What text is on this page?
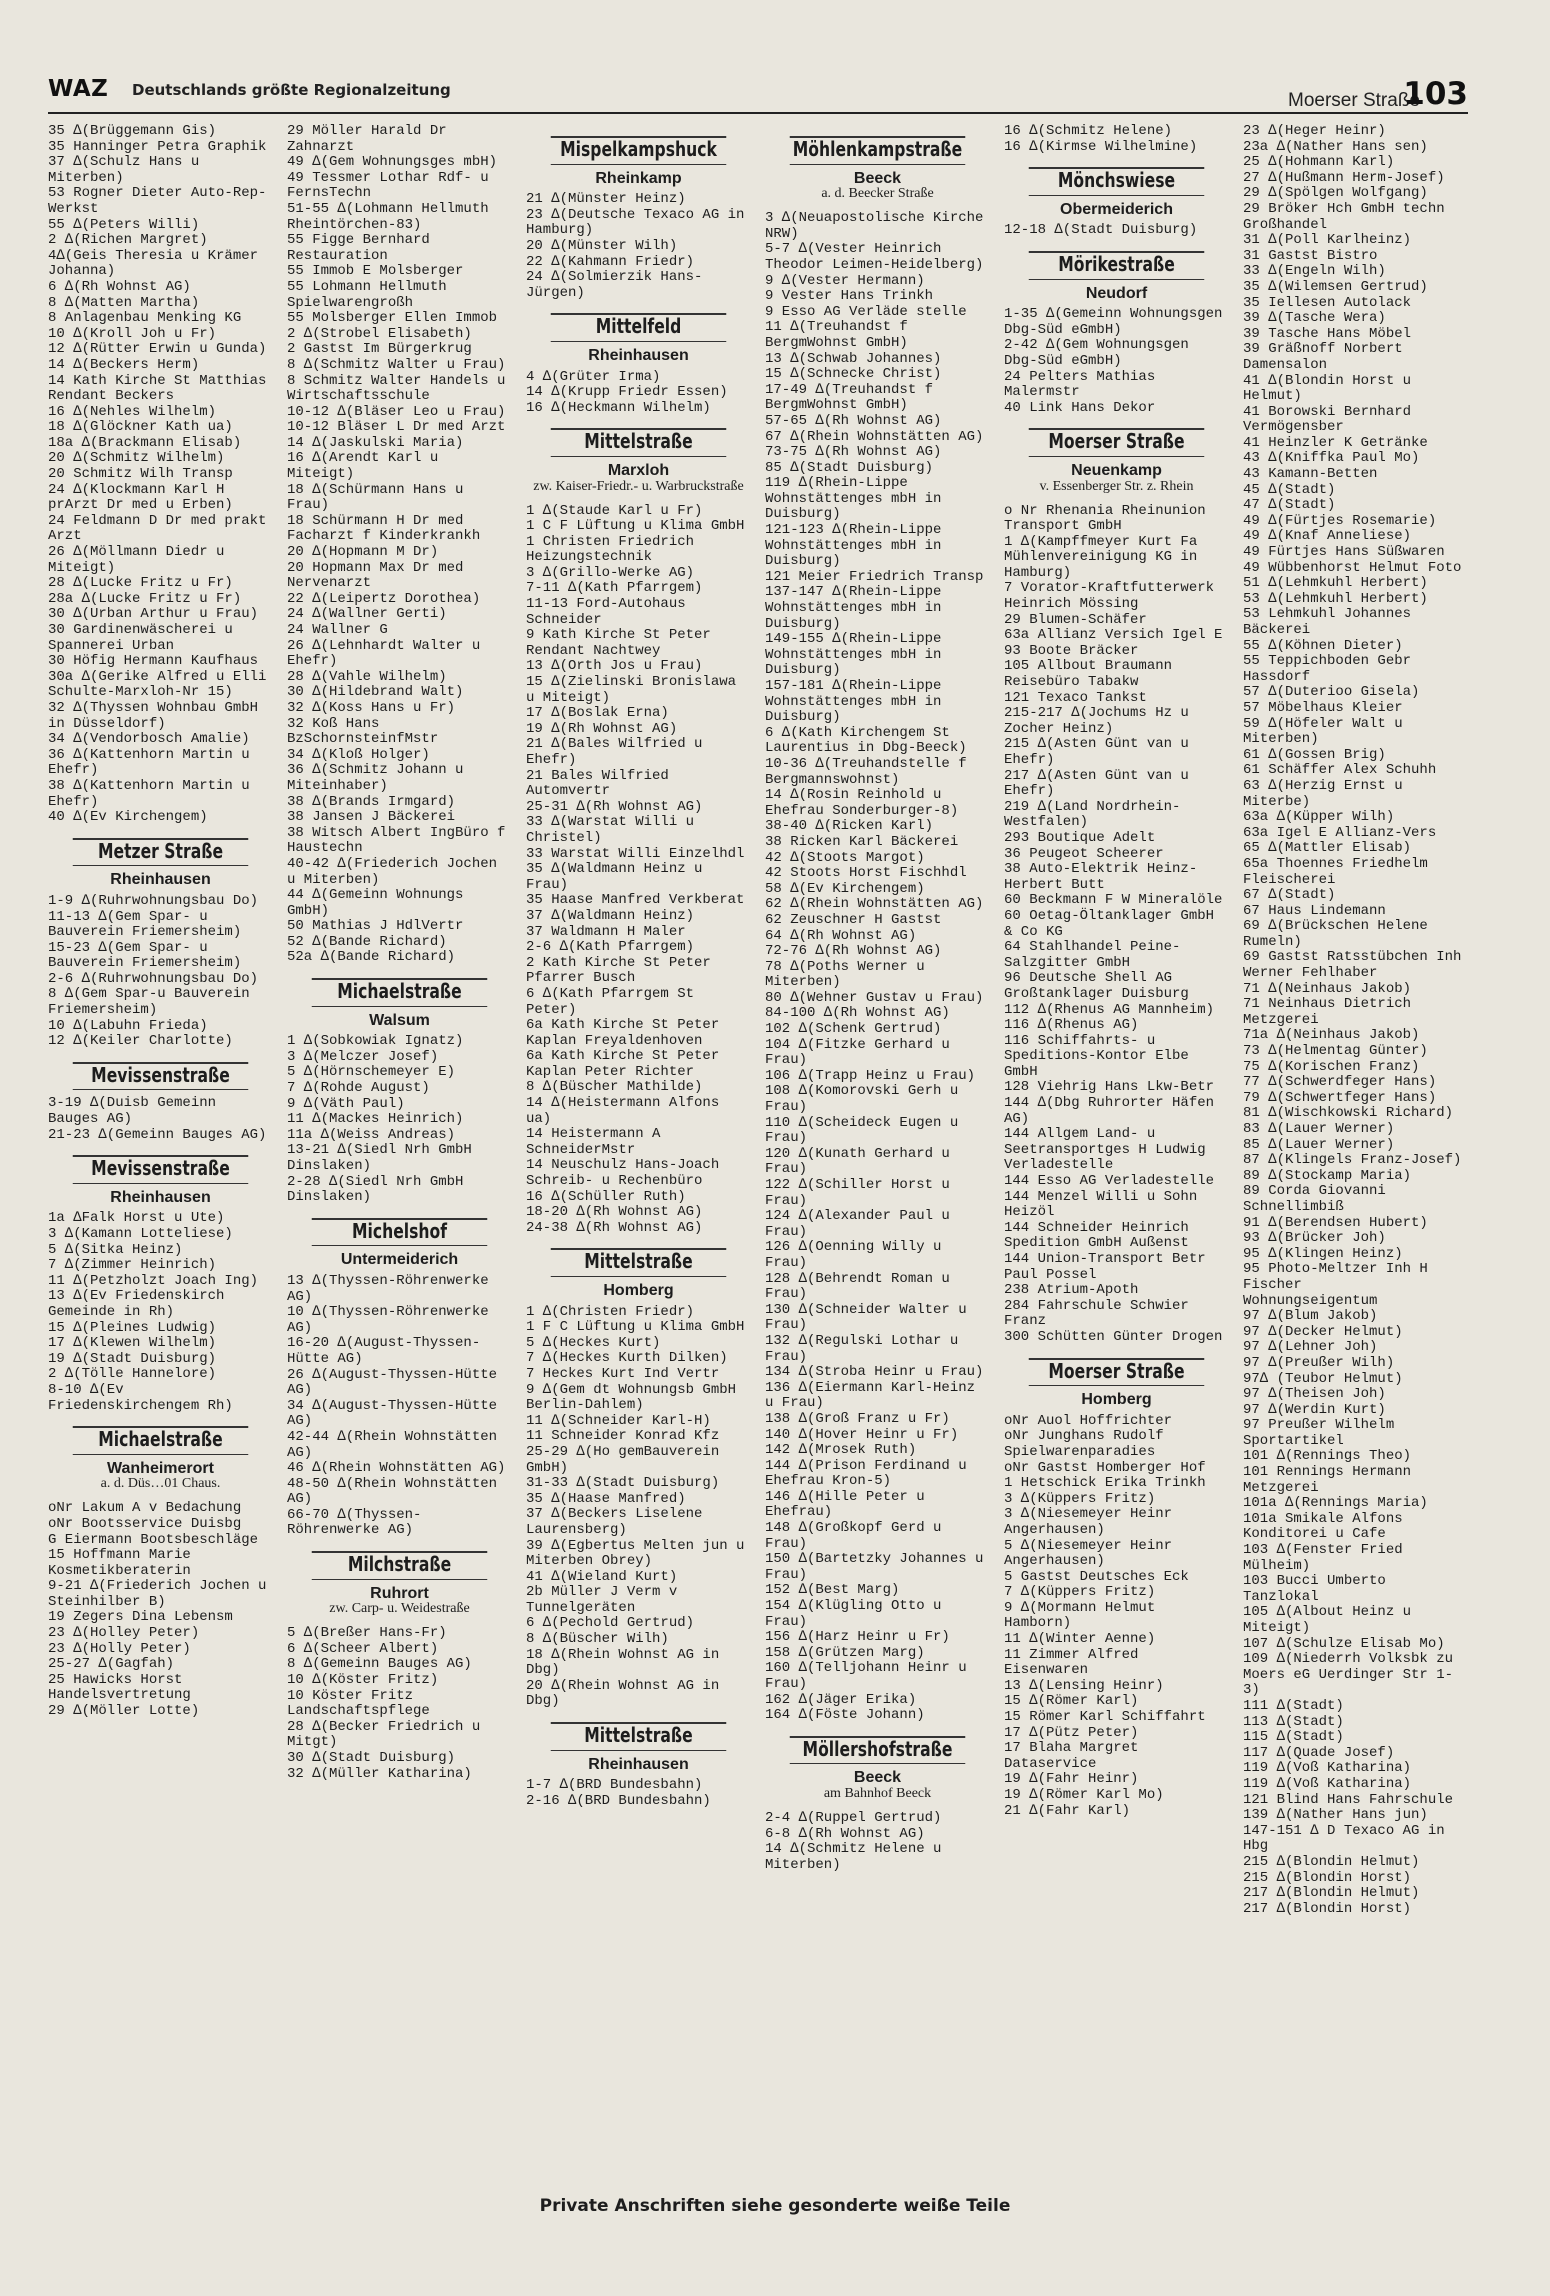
WAZ Deutschlands größte Regionalzeitung	Moerser Straße
103
35 ∆(Brüggemann Gis)
35 Hanninger Petra Graphik
37 ∆(Schulz Hans u Miterben)
53 Rogner Dieter Auto-Rep-Werkst
55 ∆(Peters Willi)
2 ∆(Richen Margret)
4∆(Geis Theresia u Krämer Johanna)
6 ∆(Rh Wohnst AG)
8 ∆(Matten Martha)
8 Anlagenbau Menking KG
10 ∆(Kroll Joh u Fr)
12 ∆(Rütter Erwin u Gunda)
14 ∆(Beckers Herm)
14 Kath Kirche St Matthias Rendant Beckers
16 ∆(Nehles Wilhelm)
18 ∆(Glöckner Kath ua)
18a ∆(Brackmann Elisab)
20 ∆(Schmitz Wilhelm)
20 Schmitz Wilh Transp
24 ∆(Klockmann Karl H prArzt Dr med u Erben)
24 Feldmann D Dr med prakt Arzt
26 ∆(Möllmann Diedr u Miteigt)
28 ∆(Lucke Fritz u Fr)
28a ∆(Lucke Fritz u Fr)
30 ∆(Urban Arthur u Frau)
30 Gardinenwäscherei u Spannerei Urban
30 Höfig Hermann Kaufhaus
30a ∆(Gerike Alfred u Elli Schulte-Marxloh-Nr 15)
32 ∆(Thyssen Wohnbau GmbH in Düsseldorf)
34 ∆(Vendorbosch Amalie)
36 ∆(Kattenhorn Martin u Ehefr)
38 ∆(Kattenhorn Martin u Ehefr)
40 ∆(Ev Kirchengem)
Metzer Straße
Rheinhausen
1-9 ∆(Ruhrwohnungsbau Do)
11-13 ∆(Gem Spar- u Bauverein Friemersheim)
15-23 ∆(Gem Spar- u Bauverein Friemersheim)
2-6 ∆(Ruhrwohnungsbau Do)
8 ∆(Gem Spar-u Bauverein Friemersheim)
10 ∆(Labuhn Frieda)
12 ∆(Keiler Charlotte)
Mevissenstraße
3-19 ∆(Duisb Gemeinn Bauges AG)
21-23 ∆(Gemeinn Bauges AG)
Mevissenstraße
Rheinhausen
1a ∆Falk Horst u Ute)
3 ∆(Kamann Lotteliese)
5 ∆(Sitka Heinz)
7 ∆(Zimmer Heinrich)
11 ∆(Petzholzt Joach Ing)
13 ∆(Ev Friedenskirch Gemeinde in Rh)
15 ∆(Pleines Ludwig)
17 ∆(Klewen Wilhelm)
19 ∆(Stadt Duisburg)
2 ∆(Tölle Hannelore)
8-10 ∆(Ev Friedenskirchengem Rh)
Michaelstraße
Wanheimerort
a. d. Düs…01 Chaus.
oNr Lakum A v Bedachung
oNr Bootsservice Duisbg
G Eiermann Bootsbeschläge
15 Hoffmann Marie Kosmetikberaterin
9-21 ∆(Friederich Jochen u Steinhilber B)
19 Zegers Dina Lebensm
23 ∆(Holley Peter)
23 ∆(Holly Peter)
25-27 ∆(Gagfah)
25 Hawicks Horst Handelsvertretung
29 ∆(Möller Lotte)
29 Möller Harald Dr Zahnarzt
49 ∆(Gem Wohnungsges mbH)
49 Tessmer Lothar Rdf- u FernsTechn
51-55 ∆(Lohmann Hellmuth Rheintörchen-83)
55 Figge Bernhard Restauration
55 Immob E Molsberger
55 Lohmann Hellmuth Spielwarengroßh
55 Molsberger Ellen Immob
2 ∆(Strobel Elisabeth)
2 Gastst Im Bürgerkrug
8 ∆(Schmitz Walter u Frau)
8 Schmitz Walter Handels u Wirtschaftsschule
10-12 ∆(Bläser Leo u Frau)
10-12 Bläser L Dr med Arzt
14 ∆(Jaskulski Maria)
16 ∆(Arendt Karl u Miteigt)
18 ∆(Schürmann Hans u Frau)
18 Schürmann H Dr med Facharzt f Kinderkrankh
20 ∆(Hopmann M Dr)
20 Hopmann Max Dr med Nervenarzt
22 ∆(Leipertz Dorothea)
24 ∆(Wallner Gerti)
24 Wallner G
26 ∆(Lehnhardt Walter u Ehefr)
28 ∆(Vahle Wilhelm)
30 ∆(Hildebrand Walt)
32 ∆(Koss Hans u Fr)
32 Koß Hans BzSchornsteinfMstr
34 ∆(Kloß Holger)
36 ∆(Schmitz Johann u Miteinhaber)
38 ∆(Brands Irmgard)
38 Jansen J Bäckerei
38 Witsch Albert IngBüro f Haustechn
40-42 ∆(Friederich Jochen u Miterben)
44 ∆(Gemeinn Wohnungs GmbH)
50 Mathias J HdlVertr
52 ∆(Bande Richard)
52a ∆(Bande Richard)
Michaelstraße
Walsum
1 ∆(Sobkowiak Ignatz)
3 ∆(Melczer Josef)
5 ∆(Hörnschemeyer E)
7 ∆(Rohde August)
9 ∆(Väth Paul)
11 ∆(Mackes Heinrich)
11a ∆(Weiss Andreas)
13-21 ∆(Siedl Nrh GmbH Dinslaken)
2-28 ∆(Siedl Nrh GmbH Dinslaken)
Michelshof
Untermeiderich
13 ∆(Thyssen-Röhrenwerke AG)
10 ∆(Thyssen-Röhrenwerke AG)
16-20 ∆(August-Thyssen-Hütte AG)
26 ∆(August-Thyssen-Hütte AG)
34 ∆(August-Thyssen-Hütte AG)
42-44 ∆(Rhein Wohnstätten AG)
46 ∆(Rhein Wohnstätten AG)
48-50 ∆(Rhein Wohnstätten AG)
66-70 ∆(Thyssen-Röhrenwerke AG)
Milchstraße
Ruhrort
zw. Carp- u. Weidestraße
5 ∆(Breßer Hans-Fr)
6 ∆(Scheer Albert)
8 ∆(Gemeinn Bauges AG)
10 ∆(Köster Fritz)
10 Köster Fritz Landschaftspflege
28 ∆(Becker Friedrich u Mitgt)
30 ∆(Stadt Duisburg)
32 ∆(Müller Katharina)
Mispelkampshuck
Rheinkamp
21 ∆(Münster Heinz)
23 ∆(Deutsche Texaco AG in Hamburg)
20 ∆(Münster Wilh)
22 ∆(Kahmann Friedr)
24 ∆(Solmierzik Hans-Jürgen)
Mittelfeld
Rheinhausen
4 ∆(Grüter Irma)
14 ∆(Krupp Friedr Essen)
16 ∆(Heckmann Wilhelm)
Mittelstraße
Marxloh
zw. Kaiser-Friedr.- u. Warbruckstraße
1 ∆(Staude Karl u Fr)
1 C F Lüftung u Klima GmbH
1 Christen Friedrich Heizungstechnik
3 ∆(Grillo-Werke AG)
7-11 ∆(Kath Pfarrgem)
11-13 Ford-Autohaus Schneider
9 Kath Kirche St Peter Rendant Nachtwey
13 ∆(Orth Jos u Frau)
15 ∆(Zielinski Bronislawa u Miteigt)
17 ∆(Boslak Erna)
19 ∆(Rh Wohnst AG)
21 ∆(Bales Wilfried u Ehefr)
21 Bales Wilfried Automvertr
25-31 ∆(Rh Wohnst AG)
33 ∆(Warstat Willi u Christel)
33 Warstat Willi Einzelhdl
35 ∆(Waldmann Heinz u Frau)
35 Haase Manfred Verkberat
37 ∆(Waldmann Heinz)
37 Waldmann H Maler
2-6 ∆(Kath Pfarrgem)
2 Kath Kirche St Peter Pfarrer Busch
6 ∆(Kath Pfarrgem St Peter)
6a Kath Kirche St Peter Kaplan Freyaldenhoven
6a Kath Kirche St Peter Kaplan Peter Richter
8 ∆(Büscher Mathilde)
14 ∆(Heistermann Alfons ua)
14 Heistermann A SchneiderMstr
14 Neuschulz Hans-Joach Schreib- u Rechenbüro
16 ∆(Schüller Ruth)
18-20 ∆(Rh Wohnst AG)
24-38 ∆(Rh Wohnst AG)
Mittelstraße
Homberg
1 ∆(Christen Friedr)
1 F C Lüftung u Klima GmbH
5 ∆(Heckes Kurt)
7 ∆(Heckes Kurth Dilken)
7 Heckes Kurt Ind Vertr
9 ∆(Gem dt Wohnungsb GmbH Berlin-Dahlem)
11 ∆(Schneider Karl-H)
11 Schneider Konrad Kfz
25-29 ∆(Ho gemBauverein GmbH)
31-33 ∆(Stadt Duisburg)
35 ∆(Haase Manfred)
37 ∆(Beckers Liselene Laurensberg)
39 ∆(Egbertus Melten jun u Miterben Obrey)
41 ∆(Wieland Kurt)
2b Müller J Verm v Tunnelgeräten
6 ∆(Pechold Gertrud)
8 ∆(Büscher Wilh)
18 ∆(Rhein Wohnst AG in Dbg)
20 ∆(Rhein Wohnst AG in Dbg)
Mittelstraße
Rheinhausen
1-7 ∆(BRD Bundesbahn)
2-16 ∆(BRD Bundesbahn)
Möhlenkampstraße
Beeck
a. d. Beecker Straße
3 ∆(Neuapostolische Kirche NRW)
5-7 ∆(Vester Heinrich Theodor Leimen-Heidelberg)
9 ∆(Vester Hermann)
9 Vester Hans Trinkh
9 Esso AG Verläde stelle
11 ∆(Treuhandst f BergmWohnst GmbH)
13 ∆(Schwab Johannes)
15 ∆(Schnecke Christ)
17-49 ∆(Treuhandst f BergmWohnst GmbH)
57-65 ∆(Rh Wohnst AG)
67 ∆(Rhein Wohnstätten AG)
73-75 ∆(Rh Wohnst AG)
85 ∆(Stadt Duisburg)
119 ∆(Rhein-Lippe Wohnstättenges mbH in Duisburg)
121-123 ∆(Rhein-Lippe Wohnstättenges mbH in Duisburg)
121 Meier Friedrich Transp
137-147 ∆(Rhein-Lippe Wohnstättenges mbH in Duisburg)
149-155 ∆(Rhein-Lippe Wohnstättenges mbH in Duisburg)
157-181 ∆(Rhein-Lippe Wohnstättenges mbH in Duisburg)
6 ∆(Kath Kirchengem St Laurentius in Dbg-Beeck)
10-36 ∆(Treuhandstelle f Bergmannswohnst)
14 ∆(Rosin Reinhold u Ehefrau Sonderburger-8)
38-40 ∆(Ricken Karl)
38 Ricken Karl Bäckerei
42 ∆(Stoots Margot)
42 Stoots Horst Fischhdl
58 ∆(Ev Kirchengem)
62 ∆(Rhein Wohnstätten AG)
62 Zeuschner H Gastst
64 ∆(Rh Wohnst AG)
72-76 ∆(Rh Wohnst AG)
78 ∆(Poths Werner u Miterben)
80 ∆(Wehner Gustav u Frau)
84-100 ∆(Rh Wohnst AG)
102 ∆(Schenk Gertrud)
104 ∆(Fitzke Gerhard u Frau)
106 ∆(Trapp Heinz u Frau)
108 ∆(Komorovski Gerh u Frau)
110 ∆(Scheideck Eugen u Frau)
120 ∆(Kunath Gerhard u Frau)
122 ∆(Schiller Horst u Frau)
124 ∆(Alexander Paul u Frau)
126 ∆(Oenning Willy u Frau)
128 ∆(Behrendt Roman u Frau)
130 ∆(Schneider Walter u Frau)
132 ∆(Regulski Lothar u Frau)
134 ∆(Stroba Heinr u Frau)
136 ∆(Eiermann Karl-Heinz u Frau)
138 ∆(Groß Franz u Fr)
140 ∆(Hover Heinr u Fr)
142 ∆(Mrosek Ruth)
144 ∆(Prison Ferdinand u Ehefrau Kron-5)
146 ∆(Hille Peter u Ehefrau)
148 ∆(Großkopf Gerd u Frau)
150 ∆(Bartetzky Johannes u Frau)
152 ∆(Best Marg)
154 ∆(Klügling Otto u Frau)
156 ∆(Harz Heinr u Fr)
158 ∆(Grützen Marg)
160 ∆(Telljohann Heinr u Frau)
162 ∆(Jäger Erika)
164 ∆(Föste Johann)
Möllershofstraße
Beeck
am Bahnhof Beeck
2-4 ∆(Ruppel Gertrud)
6-8 ∆(Rh Wohnst AG)
14 ∆(Schmitz Helene u Miterben)
16 ∆(Schmitz Helene)
16 ∆(Kirmse Wilhelmine)
Mönchswiese
Obermeiderich
12-18 ∆(Stadt Duisburg)
Mörikestraße
Neudorf
1-35 ∆(Gemeinn Wohnungsgen Dbg-Süd eGmbH)
2-42 ∆(Gem Wohnungsgen Dbg-Süd eGmbH)
24 Pelters Mathias Malermstr
40 Link Hans Dekor
Moerser Straße
Neuenkamp
v. Essenberger Str. z. Rhein
o Nr Rhenania Rheinunion Transport GmbH
1 ∆(Kampffmeyer Kurt Fa Mühlenvereinigung KG in Hamburg)
7 Vorator-Kraftfutterwerk Heinrich Mössing
29 Blumen-Schäfer
63a Allianz Versich Igel E
93 Boote Bräcker
105 Allbout Braumann Reisebüro Tabakw
121 Texaco Tankst
215-217 ∆(Jochums Hz u Zocher Heinz)
215 ∆(Asten Günt van u Ehefr)
217 ∆(Asten Günt van u Ehefr)
219 ∆(Land Nordrhein-Westfalen)
293 Boutique Adelt
36 Peugeot Scheerer
38 Auto-Elektrik Heinz-Herbert Butt
60 Beckmann F W Mineralöle
60 Oetag-Öltanklager GmbH & Co KG
64 Stahlhandel Peine-Salzgitter GmbH
96 Deutsche Shell AG Großtanklager Duisburg
112 ∆(Rhenus AG Mannheim)
116 ∆(Rhenus AG)
116 Schiffahrts- u Speditions-Kontor Elbe GmbH
128 Viehrig Hans Lkw-Betr
144 ∆(Dbg Ruhrorter Häfen AG)
144 Allgem Land- u Seetransportges H Ludwig Verladestelle
144 Esso AG Verladestelle
144 Menzel Willi u Sohn Heizöl
144 Schneider Heinrich Spedition GmbH Außenst
144 Union-Transport Betr Paul Possel
238 Atrium-Apoth
284 Fahrschule Schwier Franz
300 Schütten Günter Drogen
Moerser Straße
Homberg
oNr Auol Hoffrichter
oNr Junghans Rudolf Spielwarenparadies
oNr Gastst Homberger Hof
1 Hetschick Erika Trinkh
3 ∆(Küppers Fritz)
3 ∆(Niesemeyer Heinr Angerhausen)
5 ∆(Niesemeyer Heinr Angerhausen)
5 Gastst Deutsches Eck
7 ∆(Küppers Fritz)
9 ∆(Mormann Helmut Hamborn)
11 ∆(Winter Aenne)
11 Zimmer Alfred Eisenwaren
13 ∆(Lensing Heinr)
15 ∆(Römer Karl)
15 Römer Karl Schiffahrt
17 ∆(Pütz Peter)
17 Blaha Margret Dataservice
19 ∆(Fahr Heinr)
19 ∆(Römer Karl Mo)
21 ∆(Fahr Karl)
23 ∆(Heger Heinr)
23a ∆(Nather Hans sen)
25 ∆(Hohmann Karl)
27 ∆(Hußmann Herm-Josef)
29 ∆(Spölgen Wolfgang)
29 Bröker Hch GmbH techn Großhandel
31 ∆(Poll Karlheinz)
31 Gastst Bistro
33 ∆(Engeln Wilh)
35 ∆(Wilemsen Gertrud)
35 Iellesen Autolack
39 ∆(Tasche Wera)
39 Tasche Hans Möbel
39 Gräßnoff Norbert Damensalon
41 ∆(Blondin Horst u Helmut)
41 Borowski Bernhard Vermögensber
41 Heinzler K Getränke
43 ∆(Kniffka Paul Mo)
43 Kamann-Betten
45 ∆(Stadt)
47 ∆(Stadt)
49 ∆(Fürtjes Rosemarie)
49 ∆(Knaf Anneliese)
49 Fürtjes Hans Süßwaren
49 Wübbenhorst Helmut Foto
51 ∆(Lehmkuhl Herbert)
53 ∆(Lehmkuhl Herbert)
53 Lehmkuhl Johannes Bäckerei
55 ∆(Köhnen Dieter)
55 Teppichboden Gebr Hassdorf
57 ∆(Duterioo Gisela)
57 Möbelhaus Kleier
59 ∆(Höfeler Walt u Miterben)
61 ∆(Gossen Brig)
61 Schäffer Alex Schuhh
63 ∆(Herzig Ernst u Miterbe)
63a ∆(Küpper Wilh)
63a Igel E Allianz-Vers
65 ∆(Mattler Elisab)
65a Thoennes Friedhelm Fleischerei
67 ∆(Stadt)
67 Haus Lindemann
69 ∆(Brückschen Helene Rumeln)
69 Gastst Ratsstübchen Inh Werner Fehlhaber
71 ∆(Neinhaus Jakob)
71 Neinhaus Dietrich Metzgerei
71a ∆(Neinhaus Jakob)
73 ∆(Helmentag Günter)
75 ∆(Korischen Franz)
77 ∆(Schwerdfeger Hans)
79 ∆(Schwertfeger Hans)
81 ∆(Wischkowski Richard)
83 ∆(Lauer Werner)
85 ∆(Lauer Werner)
87 ∆(Klingels Franz-Josef)
89 ∆(Stockamp Maria)
89 Corda Giovanni Schnellimbiß
91 ∆(Berendsen Hubert)
93 ∆(Brücker Joh)
95 ∆(Klingen Heinz)
95 Photo-Meltzer Inh H Fischer
Wohnungseigentum
97 ∆(Blum Jakob)
97 ∆(Decker Helmut)
97 ∆(Lehner Joh)
97 ∆(Preußer Wilh)
97∆ (Teubor Helmut)
97 ∆(Theisen Joh)
97 ∆(Werdin Kurt)
97 Preußer Wilhelm Sportartikel
101 ∆(Rennings Theo)
101 Rennings Hermann Metzgerei
101a ∆(Rennings Maria)
101a Smikale Alfons Konditorei u Cafe
103 ∆(Fenster Fried Mülheim)
103 Bucci Umberto Tanzlokal
105 ∆(Albout Heinz u Miteigt)
107 ∆(Schulze Elisab Mo)
109 ∆(Niederrh Volksbk zu Moers eG Uerdinger Str 1-3)
111 ∆(Stadt)
113 ∆(Stadt)
115 ∆(Stadt)
117 ∆(Quade Josef)
119 ∆(Voß Katharina)
119 ∆(Voß Katharina)
121 Blind Hans Fahrschule
139 ∆(Nather Hans jun)
147-151 ∆ D Texaco AG in Hbg
215 ∆(Blondin Helmut)
215 ∆(Blondin Horst)
217 ∆(Blondin Helmut)
217 ∆(Blondin Horst)
Private Anschriften siehe gesonderte weiße Teile
